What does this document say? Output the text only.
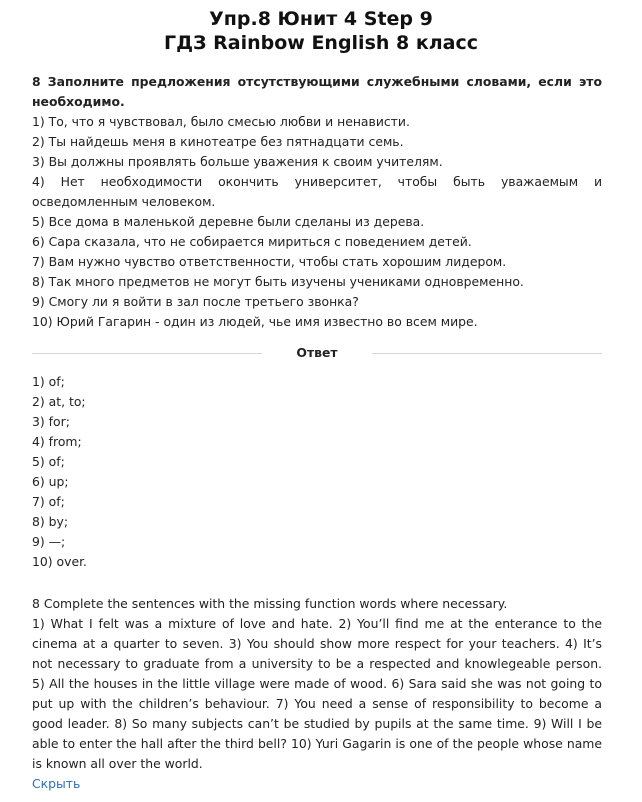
Упр.8 Юнит 4 Step 9
ГДЗ Rainbow English 8 класс
8 Заполните предложения отсутствующими служебными словами, если это необходимо.
1) То, что я чувствовал, было смесью любви и ненависти.
2) Ты найдешь меня в кинотеатре без пятнадцати семь.
3) Вы должны проявлять больше уважения к своим учителям.
4) Нет необходимости окончить университет, чтобы быть уважаемым и осведомленным человеком.
5) Все дома в маленькой деревне были сделаны из дерева.
6) Сара сказала, что не собирается мириться с поведением детей.
7) Вам нужно чувство ответственности, чтобы стать хорошим лидером.
8) Так много предметов не могут быть изучены учениками одновременно.
9) Смогу ли я войти в зал после третьего звонка?
10) Юрий Гагарин - один из людей, чье имя известно во всем мире.
Ответ
1) of;
2) at, to;
3) for;
4) from;
5) of;
6) up;
7) of;
8) by;
9) —;
10) over.
8 Complete the sentences with the missing function words where necessary.
1) What I felt was a mixture of love and hate. 2) You’ll find me at the enterance to the cinema at a quarter to seven. 3) You should show more respect for your teachers. 4) It’s not necessary to graduate from a university to be a respected and knowlegeable person. 5) All the houses in the little village were made of wood. 6) Sara said she was not going to put up with the children’s behaviour. 7) You need a sense of responsibility to become a good leader. 8) So many subjects can’t be studied by pupils at the same time. 9) Will I be able to enter the hall after the third bell? 10) Yuri Gagarin is one of the people whose name is known all over the world.
Скрыть
